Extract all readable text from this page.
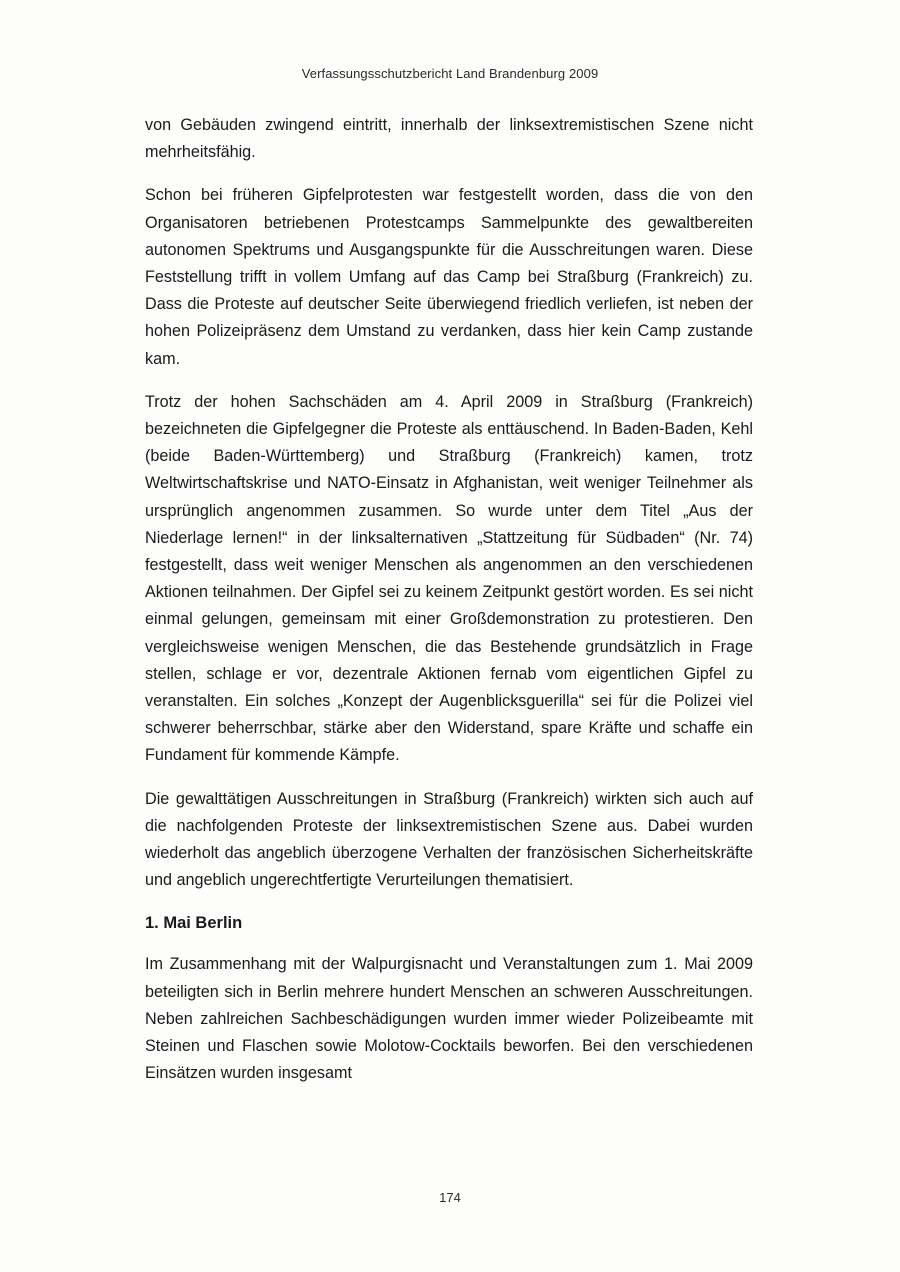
Verfassungsschutzbericht Land Brandenburg 2009

von Gebäuden zwingend eintritt, innerhalb der linksextremistischen Szene nicht mehrheitsfähig.

Schon bei früheren Gipfelprotesten war festgestellt worden, dass die von den Organisatoren betriebenen Protestcamps Sammelpunkte des gewaltbereiten autonomen Spektrums und Ausgangspunkte für die Ausschreitungen waren. Diese Feststellung trifft in vollem Umfang auf das Camp bei Straßburg (Frankreich) zu. Dass die Proteste auf deutscher Seite überwiegend friedlich verliefen, ist neben der hohen Polizeipräsenz dem Umstand zu verdanken, dass hier kein Camp zustande kam.

Trotz der hohen Sachschäden am 4. April 2009 in Straßburg (Frankreich) bezeichneten die Gipfelgegner die Proteste als enttäuschend. In Baden-Baden, Kehl (beide Baden-Württemberg) und Straßburg (Frankreich) kamen, trotz Weltwirtschaftskrise und NATO-Einsatz in Afghanistan, weit weniger Teilnehmer als ursprünglich angenommen zusammen. So wurde unter dem Titel „Aus der Niederlage lernen!“ in der linksalternativen „Stattzeitung für Südbaden“ (Nr. 74) festgestellt, dass weit weniger Menschen als angenommen an den verschiedenen Aktionen teilnahmen. Der Gipfel sei zu keinem Zeitpunkt gestört worden. Es sei nicht einmal gelungen, gemeinsam mit einer Großdemonstration zu protestieren. Den vergleichsweise wenigen Menschen, die das Bestehende grundsätzlich in Frage stellen, schlage er vor, dezentrale Aktionen fernab vom eigentlichen Gipfel zu veranstalten. Ein solches „Konzept der Augenblicksguerilla“ sei für die Polizei viel schwerer beherrschbar, stärke aber den Widerstand, spare Kräfte und schaffe ein Fundament für kommende Kämpfe.

Die gewalttätigen Ausschreitungen in Straßburg (Frankreich) wirkten sich auch auf die nachfolgenden Proteste der linksextremistischen Szene aus. Dabei wurden wiederholt das angeblich überzogene Verhalten der französischen Sicherheitskräfte und angeblich ungerechtfertigte Verurteilungen thematisiert.

1. Mai Berlin

Im Zusammenhang mit der Walpurgisnacht und Veranstaltungen zum 1. Mai 2009 beteiligten sich in Berlin mehrere hundert Menschen an schweren Ausschreitungen. Neben zahlreichen Sachbeschädigungen wurden immer wieder Polizeibeamte mit Steinen und Flaschen sowie Molotow-Cocktails beworfen. Bei den verschiedenen Einsätzen wurden insgesamt

174
